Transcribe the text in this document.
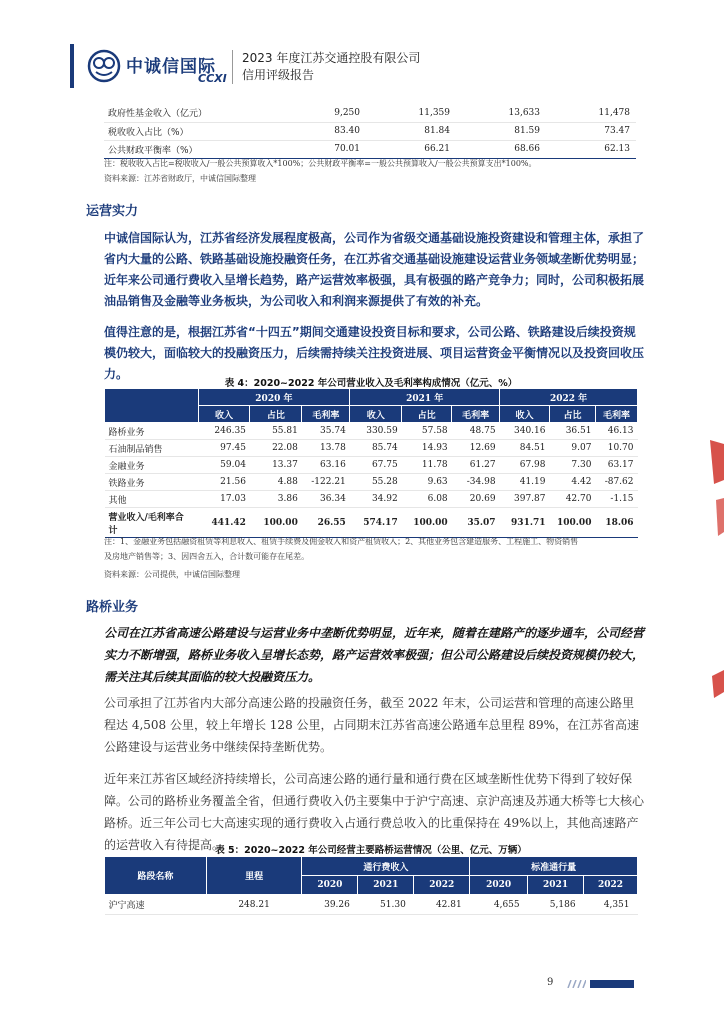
中诚信国际
CCXI
2023 年度江苏交通控股有限公司
信用评级报告
政府性基金收入（亿元）	9,250	11,359	13,633	11,478
税收收入占比（%）	83.40	81.84	81.59	73.47
公共财政平衡率（%）	70.01	66.21	68.66	62.13
注：税收收入占比=税收收入/一般公共预算收入*100%；公共财政平衡率=一般公共预算收入/一般公共预算支出*100%。
资料来源：江苏省财政厅，中诚信国际整理
运营实力
中诚信国际认为，江苏省经济发展程度极高，公司作为省级交通基础设施投资建设和管理主体，承担了省内大量的公路、铁路基础设施投融资任务，在江苏省交通基础设施建设运营业务领域垄断优势明显；近年来公司通行费收入呈增长趋势，路产运营效率极强，具有极强的路产竞争力；同时，公司积极拓展油品销售及金融等业务板块，为公司收入和利润来源提供了有效的补充。
值得注意的是，根据江苏省“十四五”期间交通建设投资目标和要求，公司公路、铁路建设后续投资规模仍较大，面临较大的投融资压力，后续需持续关注投资进展、项目运营资金平衡情况以及投资回收压力。
表 4：2020~2022 年公司营业收入及毛利率构成情况（亿元、%）
	2020 年			2021 年			2022 年		
	收入	占比	毛利率	收入	占比	毛利率	收入	占比	毛利率
路桥业务	246.35	55.81	35.74	330.59	57.58	48.75	340.16	36.51	46.13
石油制品销售	97.45	22.08	13.78	85.74	14.93	12.69	84.51	9.07	10.70
金融业务	59.04	13.37	63.16	67.75	11.78	61.27	67.98	7.30	63.17
铁路业务	21.56	4.88	-122.21	55.28	9.63	-34.98	41.19	4.42	-87.62
其他	17.03	3.86	36.34	34.92	6.08	20.69	397.87	42.70	-1.15

营业收入/毛利率合
计	441.42	100.00	26.55	574.17	100.00	35.07	931.71	100.00	18.06
注：1、金融业务包括融资租赁等利息收入、租赁手续费及佣金收入和资产租赁收入；2、其他业务包含建造服务、工程施工、物资销售
及房地产销售等；3、因四舍五入，合计数可能存在尾差。
资料来源：公司提供，中诚信国际整理
路桥业务
公司在江苏省高速公路建设与运营业务中垄断优势明显，近年来，随着在建路产的逐步通车，公司经营实力不断增强，路桥业务收入呈增长态势，路产运营效率极强；但公司公路建设后续投资规模仍较大，需关注其后续其面临的较大投融资压力。
公司承担了江苏省内大部分高速公路的投融资任务，截至 2022 年末，公司运营和管理的高速公路里程达 4,508 公里，较上年增长 128 公里，占同期末江苏省高速公路通车总里程 89%，在江苏省高速公路建设与运营业务中继续保持垄断优势。
近年来江苏省区域经济持续增长，公司高速公路的通行量和通行费在区域垄断性优势下得到了较好保障。公司的路桥业务覆盖全省，但通行费收入仍主要集中于沪宁高速、京沪高速及苏通大桥等七大核心路桥。近三年公司七大高速实现的通行费收入占通行费总收入的比重保持在 49%以上，其他高速路产的运营收入有待提高。
表 5：2020~2022 年公司经营主要路桥运营情况（公里、亿元、万辆）
路段名称	里程	通行费收入			标准通行量		
		2020	2021	2022	2020	2021	2022
沪宁高速	248.21	39.26	51.30	42.81	4,655	5,186	4,351
9
